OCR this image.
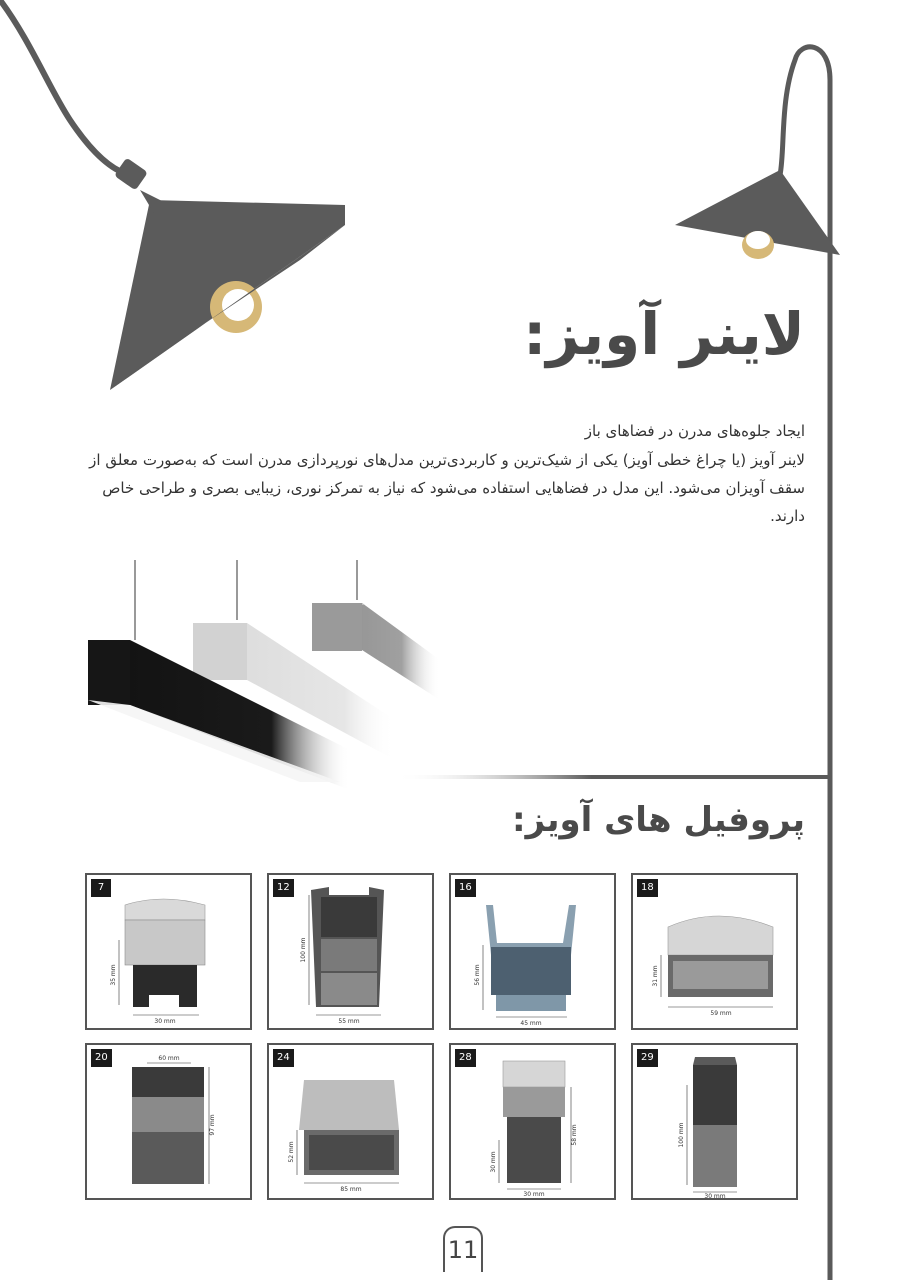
لاینر آویز:
ایجاد جلوه‌های مدرن در فضاهای باز
لاینر آویز (یا چراغ خطی آویز) یکی از شیک‌ترین و کاربردی‌ترین مدل‌های نورپردازی مدرن است که به‌صورت معلق از سقف آویزان می‌شود. این مدل در فضاهایی استفاده می‌شود که نیاز به تمرکز نوری، زیبایی بصری و طراحی خاص دارند.
پروفیل های آویز:
35 mm
30 mm
7
100 mm
55 mm
12
56 mm
45 mm
16
31 mm
59 mm
18
60 mm
97 mm
20
52 mm
85 mm
24
30 mm
58 mm
30 mm
28
100 mm
30 mm
29
11
